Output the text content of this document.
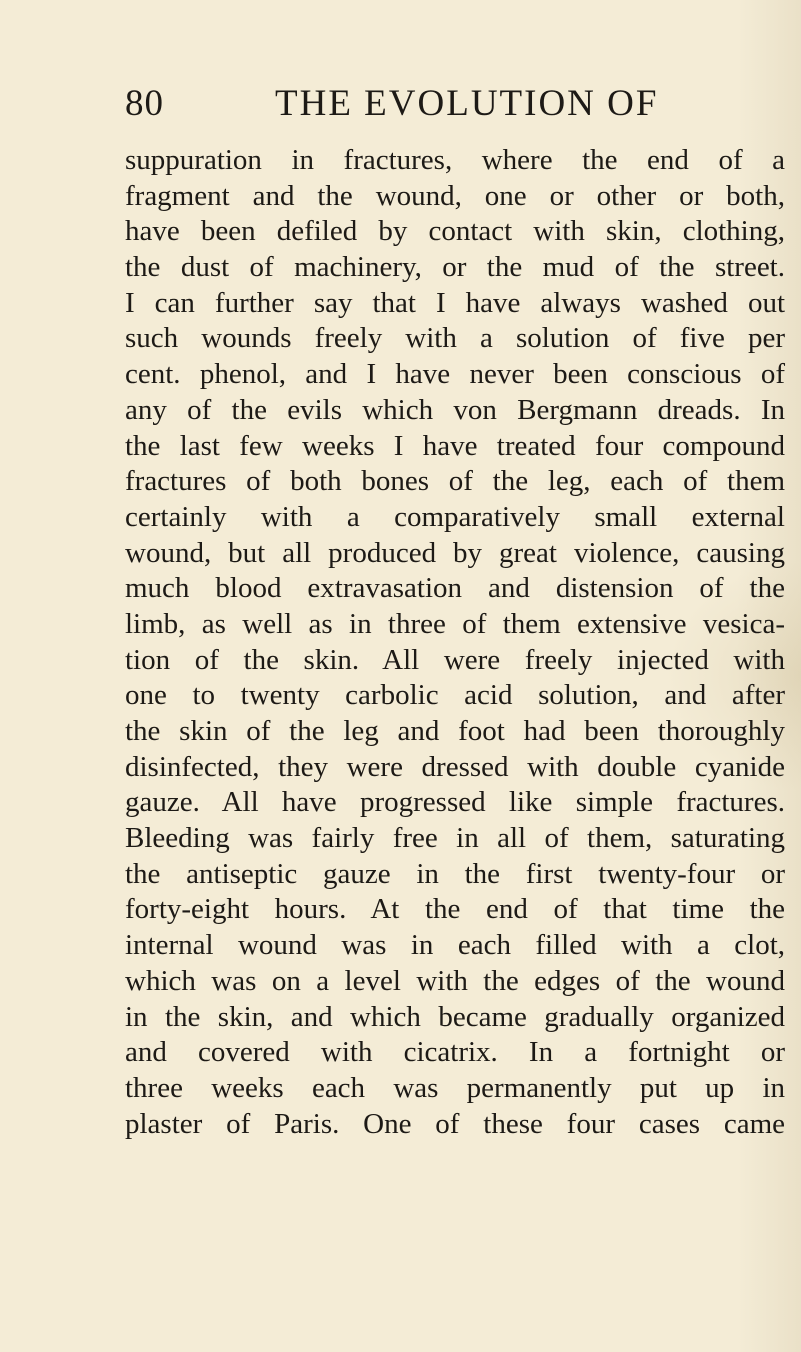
80	THE EVOLUTION OF
suppuration in fractures, where the end of a
fragment and the wound, one or other or both,
have been defiled by contact with skin, clothing,
the dust of machinery, or the mud of the street.
I can further say that I have always washed out
such wounds freely with a solution of five per
cent. phenol, and I have never been conscious of
any of the evils which von Bergmann dreads. In
the last few weeks I have treated four compound
fractures of both bones of the leg, each of them
certainly with a comparatively small external
wound, but all produced by great violence, causing
much blood extravasation and distension of the
limb, as well as in three of them extensive vesica-
tion of the skin. All were freely injected with
one to twenty carbolic acid solution, and after
the skin of the leg and foot had been thoroughly
disinfected, they were dressed with double cyanide
gauze. All have progressed like simple fractures.
Bleeding was fairly free in all of them, saturating
the antiseptic gauze in the first twenty-four or
forty-eight hours. At the end of that time the
internal wound was in each filled with a clot,
which was on a level with the edges of the wound
in the skin, and which became gradually organized
and covered with cicatrix. In a fortnight or
three weeks each was permanently put up in
plaster of Paris. One of these four cases came
